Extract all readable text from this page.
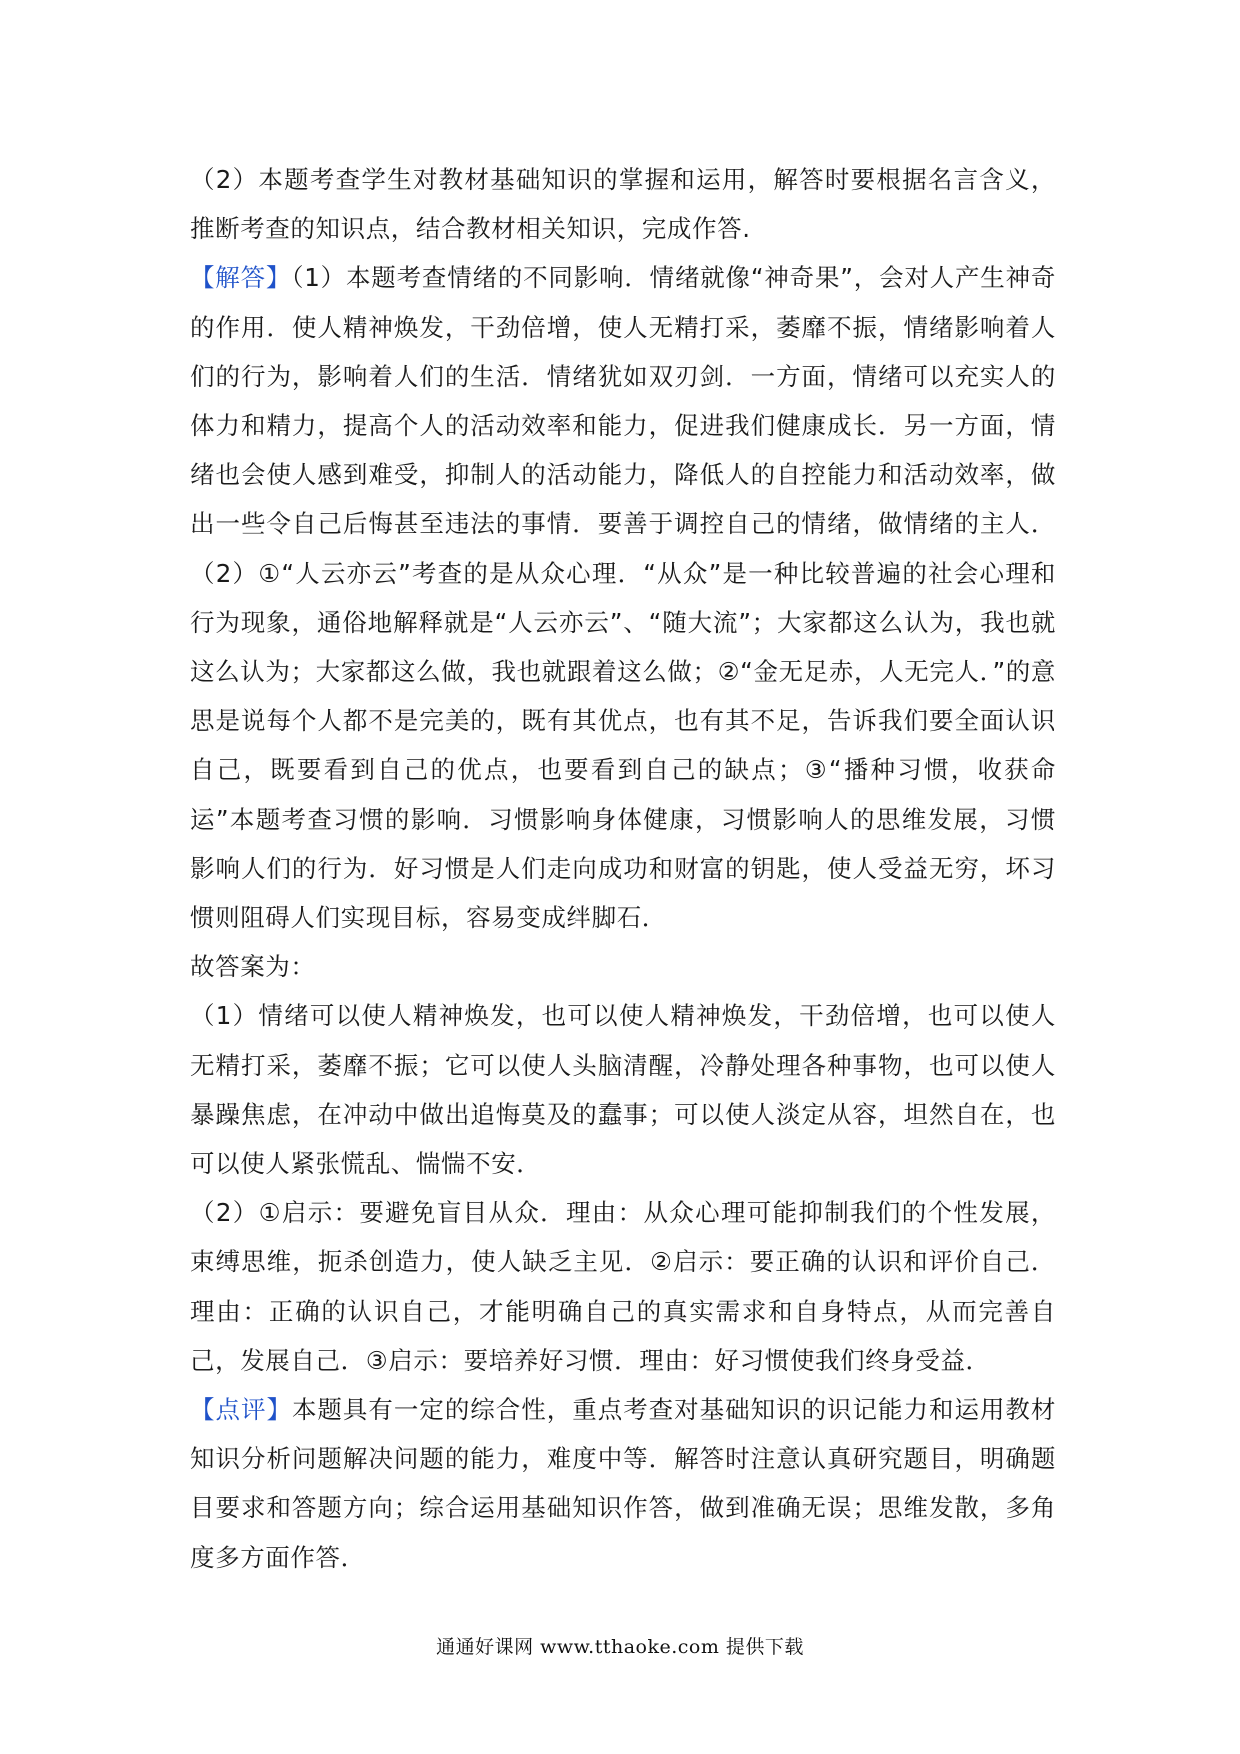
（2）本题考查学生对教材基础知识的掌握和运用，解答时要根据名言含义，推断考查的知识点，结合教材相关知识，完成作答.

【解答】（1）本题考查情绪的不同影响．情绪就像“神奇果”，会对人产生神奇的作用．使人精神焕发，干劲倍增，使人无精打采，萎靡不振，情绪影响着人们的行为，影响着人们的生活．情绪犹如双刃剑．一方面，情绪可以充实人的体力和精力，提高个人的活动效率和能力，促进我们健康成长．另一方面，情绪也会使人感到难受，抑制人的活动能力，降低人的自控能力和活动效率，做出一些令自己后悔甚至违法的事情．要善于调控自己的情绪，做情绪的主人．（2）①“人云亦云”考查的是从众心理．“从众”是一种比较普遍的社会心理和行为现象，通俗地解释就是“人云亦云”、“随大流”；大家都这么认为，我也就这么认为；大家都这么做，我也就跟着这么做；②“金无足赤，人无完人．”的意思是说每个人都不是完美的，既有其优点，也有其不足，告诉我们要全面认识自己，既要看到自己的优点，也要看到自己的缺点；③“播种习惯，收获命运”本题考查习惯的影响．习惯影响身体健康，习惯影响人的思维发展，习惯影响人们的行为．好习惯是人们走向成功和财富的钥匙，使人受益无穷，坏习惯则阻碍人们实现目标，容易变成绊脚石．

故答案为：

（1）情绪可以使人精神焕发，也可以使人精神焕发，干劲倍增，也可以使人无精打采，萎靡不振；它可以使人头脑清醒，冷静处理各种事物，也可以使人暴躁焦虑，在冲动中做出追悔莫及的蠢事；可以使人淡定从容，坦然自在，也可以使人紧张慌乱、惴惴不安．

（2）①启示：要避免盲目从众．理由：从众心理可能抑制我们的个性发展，束缚思维，扼杀创造力，使人缺乏主见．②启示：要正确的认识和评价自己．理由：正确的认识自己，才能明确自己的真实需求和自身特点，从而完善自己，发展自己．③启示：要培养好习惯．理由：好习惯使我们终身受益．

【点评】本题具有一定的综合性，重点考查对基础知识的识记能力和运用教材知识分析问题解决问题的能力，难度中等．解答时注意认真研究题目，明确题目要求和答题方向；综合运用基础知识作答，做到准确无误；思维发散，多角度多方面作答．

通通好课网 www.tthaoke.com 提供下载
